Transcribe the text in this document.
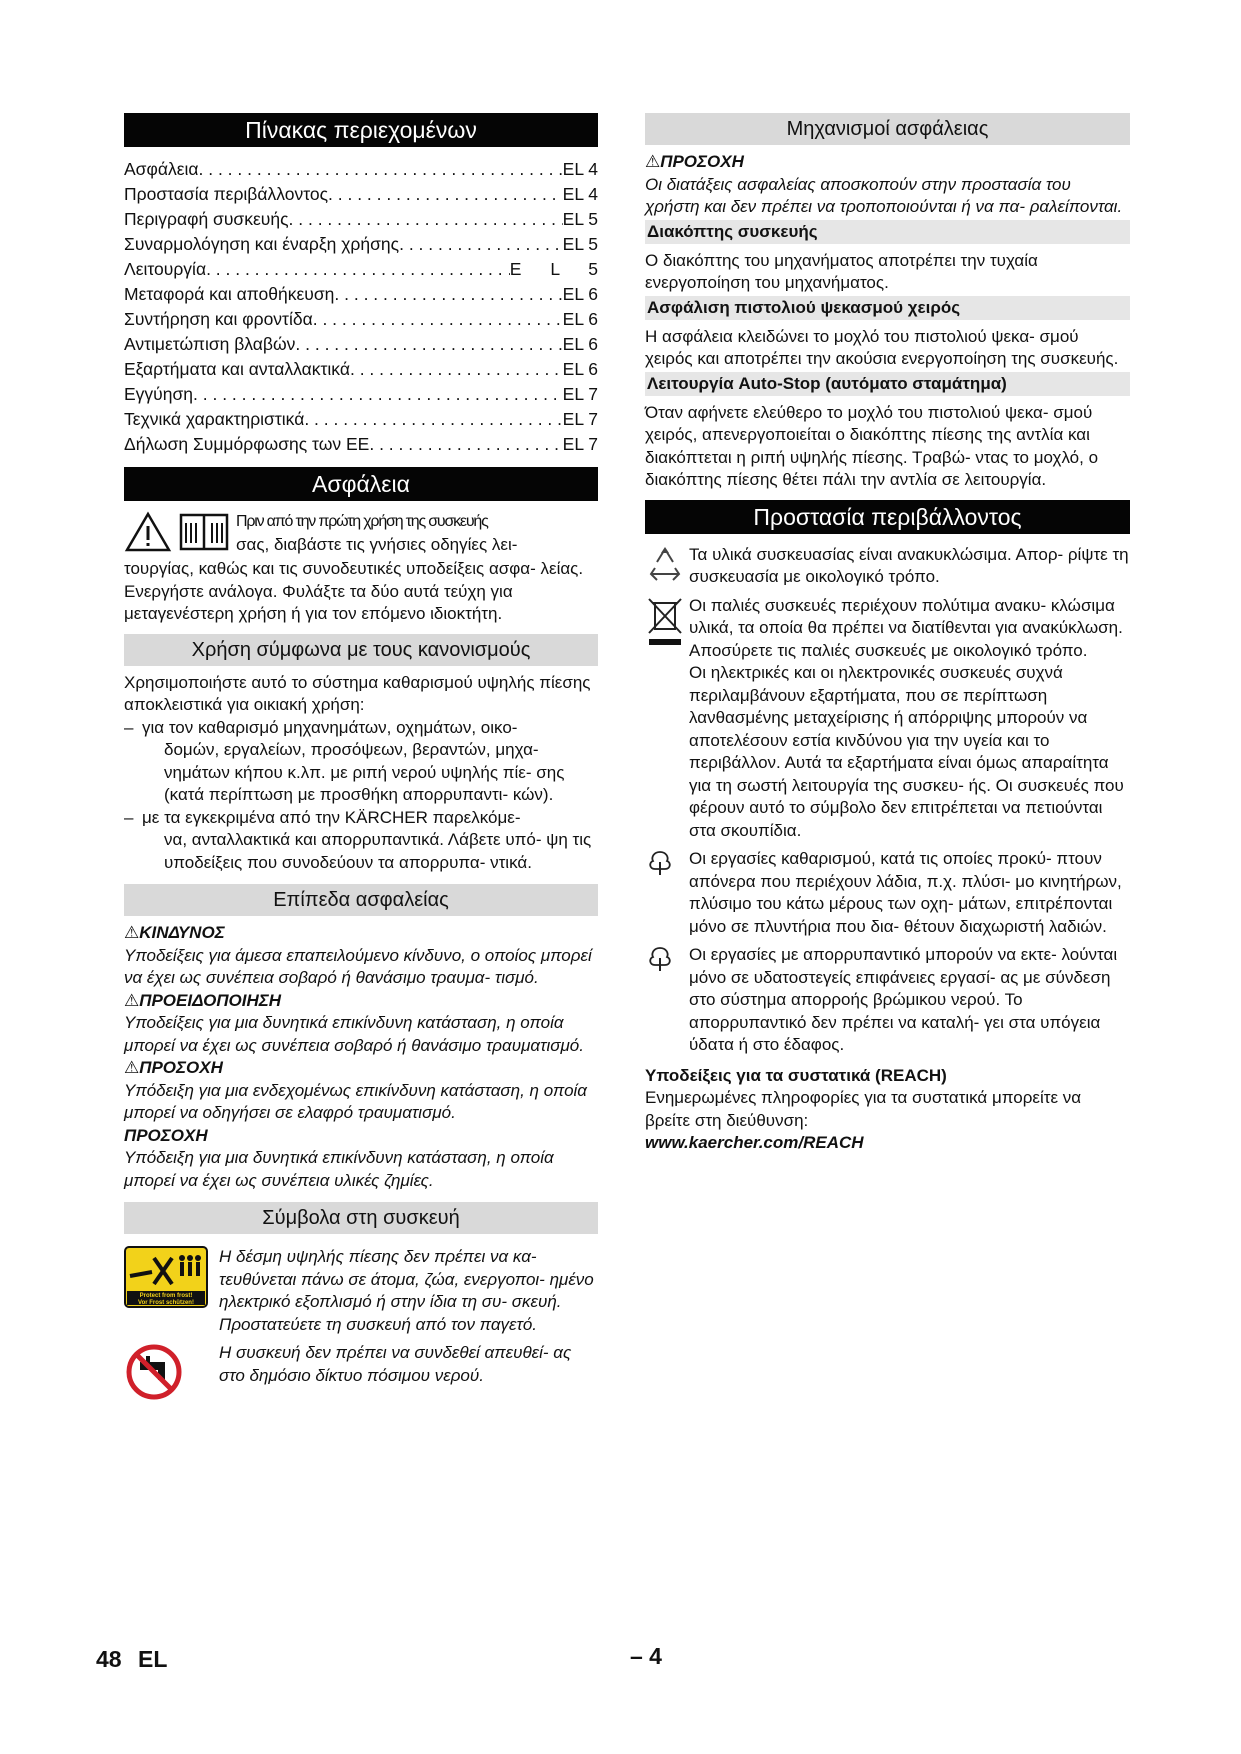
Πίνακας περιεχομένων
Ασφάλεια . . .	EL 4
Προστασία περιβάλλοντος . . .	EL 4
Περιγραφή συσκευής . . .	EL 5
Συναρμολόγηση και έναρξη χρήσης . . .	EL 5
Λειτουργία . . .	E L 5
Μεταφορά και αποθήκευση . . .	EL 6
Συντήρηση και φροντίδα . . .	EL 6
Αντιμετώπιση βλαβών . . .	EL 6
Εξαρτήματα και ανταλλακτικά . . .	EL 6
Εγγύηση . . .	EL 7
Τεχνικά χαρακτηριστικά . . .	EL 7
Δήλωση Συμμόρφωσης των ΕΕ . . .	EL 7
Ασφάλεια

Πριν από την πρώτη χρήση της συσκευής

σας, διαβάστε τις γνήσιες οδηγίες λει-

τουργίας, καθώς και τις συνοδευτικές υποδείξεις ασφα- λείας. Ενεργήστε ανάλογα. Φυλάξτε τα δύο αυτά τεύχη για μεταγενέστερη χρήση ή για τον επόμενο ιδιοκτήτη.

Χρήση σύμφωνα με τους κανονισμούς

Χρησιμοποιήστε αυτό το σύστημα καθαρισμού υψηλής πίεσης αποκλειστικά για οικιακή χρήση:

– για τον καθαρισμό μηχανημάτων, οχημάτων, οικο-

δομών, εργαλείων, προσόψεων, βεραντών, μηχα- νημάτων κήπου κ.λπ. με ριπή νερού υψηλής πίε- σης (κατά περίπτωση με προσθήκη απορρυπαντι- κών).

– με τα εγκεκριμένα από την KÄRCHER παρελκόμε-

να, ανταλλακτικά και απορρυπαντικά. Λάβετε υπό- ψη τις υποδείξεις που συνοδεύουν τα απορρυπα- ντικά.

Επίπεδα ασφαλείας

⚠ΚΙΝΔΥΝΟΣ

Υποδείξεις για άμεσα επαπειλούμενο κίνδυνο, ο οποίος μπορεί να έχει ως συνέπεια σοβαρό ή θανάσιμο τραυμα- τισμό.

⚠ΠΡΟΕΙΔΟΠΟΙΗΣΗ

Υποδείξεις για μια δυνητικά επικίνδυνη κατάσταση, η οποία μπορεί να έχει ως συνέπεια σοβαρό ή θανάσιμο τραυματισμό.

⚠ΠΡΟΣΟΧΗ

Υπόδειξη για μια ενδεχομένως επικίνδυνη κατάσταση, η οποία μπορεί να οδηγήσει σε ελαφρό τραυματισμό.

ΠΡΟΣΟΧΗ

Υπόδειξη για μια δυνητικά επικίνδυνη κατάσταση, η οποία μπορεί να έχει ως συνέπεια υλικές ζημίες.

Σύμβολα στη συσκευή
Protect from frost!
Vor Frost schützen!

Η δέσμη υψηλής πίεσης δεν πρέπει να κα- τευθύνεται πάνω σε άτομα, ζώα, ενεργοποι- ημένο ηλεκτρικό εξοπλισμό ή στην ίδια τη συ- σκευή.

Προστατεύετε τη συσκευή από τον παγετό.

Η συσκευή δεν πρέπει να συνδεθεί απευθεί- ας στο δημόσιο δίκτυο πόσιμου νερού.

Μηχανισμοί ασφάλειας

⚠ΠΡΟΣΟΧΗ

Οι διατάξεις ασφαλείας αποσκοπούν στην προστασία του χρήστη και δεν πρέπει να τροποποιούνται ή να πα- ραλείπονται.

Διακόπτης συσκευής

Ο διακόπτης του μηχανήματος αποτρέπει την τυχαία ενεργοποίηση του μηχανήματος.

Ασφάλιση πιστολιού ψεκασμού χειρός

Η ασφάλεια κλειδώνει το μοχλό του πιστολιού ψεκα- σμού χειρός και αποτρέπει την ακούσια ενεργοποίηση της συσκευής.

Λειτουργία Auto-Stop (αυτόματο σταμάτημα)

Όταν αφήνετε ελεύθερο το μοχλό του πιστολιού ψεκα- σμού χειρός, απενεργοποιείται ο διακόπτης πίεσης της αντλία και διακόπτεται η ριπή υψηλής πίεσης. Τραβώ- ντας το μοχλό, ο διακόπτης πίεσης θέτει πάλι την αντλία σε λειτουργία.

Προστασία περιβάλλοντος

Τα υλικά συσκευασίας είναι ανακυκλώσιμα. Απορ- ρίψτε τη συσκευασία με οικολογικό τρόπο.

Οι παλιές συσκευές περιέχουν πολύτιμα ανακυ- κλώσιμα υλικά, τα οποία θα πρέπει να διατίθενται για ανακύκλωση. Αποσύρετε τις παλιές συσκευές με οικολογικό τρόπο.

Οι ηλεκτρικές και οι ηλεκτρονικές συσκευές συχνά περιλαμβάνουν εξαρτήματα, που σε περίπτωση λανθασμένης μεταχείρισης ή απόρριψης μπορούν να αποτελέσουν εστία κινδύνου για την υγεία και το περιβάλλον. Αυτά τα εξαρτήματα είναι όμως απαραίτητα για τη σωστή λειτουργία της συσκευ- ής. Οι συσκευές που φέρουν αυτό το σύμβολο δεν επιτρέπεται να πετιούνται στα σκουπίδια.

Οι εργασίες καθαρισμού, κατά τις οποίες προκύ- πτουν απόνερα που περιέχουν λάδια, π.χ. πλύσι- μο κινητήρων, πλύσιμο του κάτω μέρους των οχη- μάτων, επιτρέπονται μόνο σε πλυντήρια που δια- θέτουν διαχωριστή λαδιών.

Οι εργασίες με απορρυπαντικό μπορούν να εκτε- λούνται μόνο σε υδατοστεγείς επιφάνειες εργασί- ας με σύνδεση στο σύστημα απορροής βρώμικου νερού. Το απορρυπαντικό δεν πρέπει να καταλή- γει στα υπόγεια ύδατα ή στο έδαφος.

Υποδείξεις για τα συστατικά (REACH)

Ενημερωμένες πληροφορίες για τα συστατικά μπορείτε να βρείτε στη διεύθυνση:

www.kaercher.com/REACH

48 EL	– 4
